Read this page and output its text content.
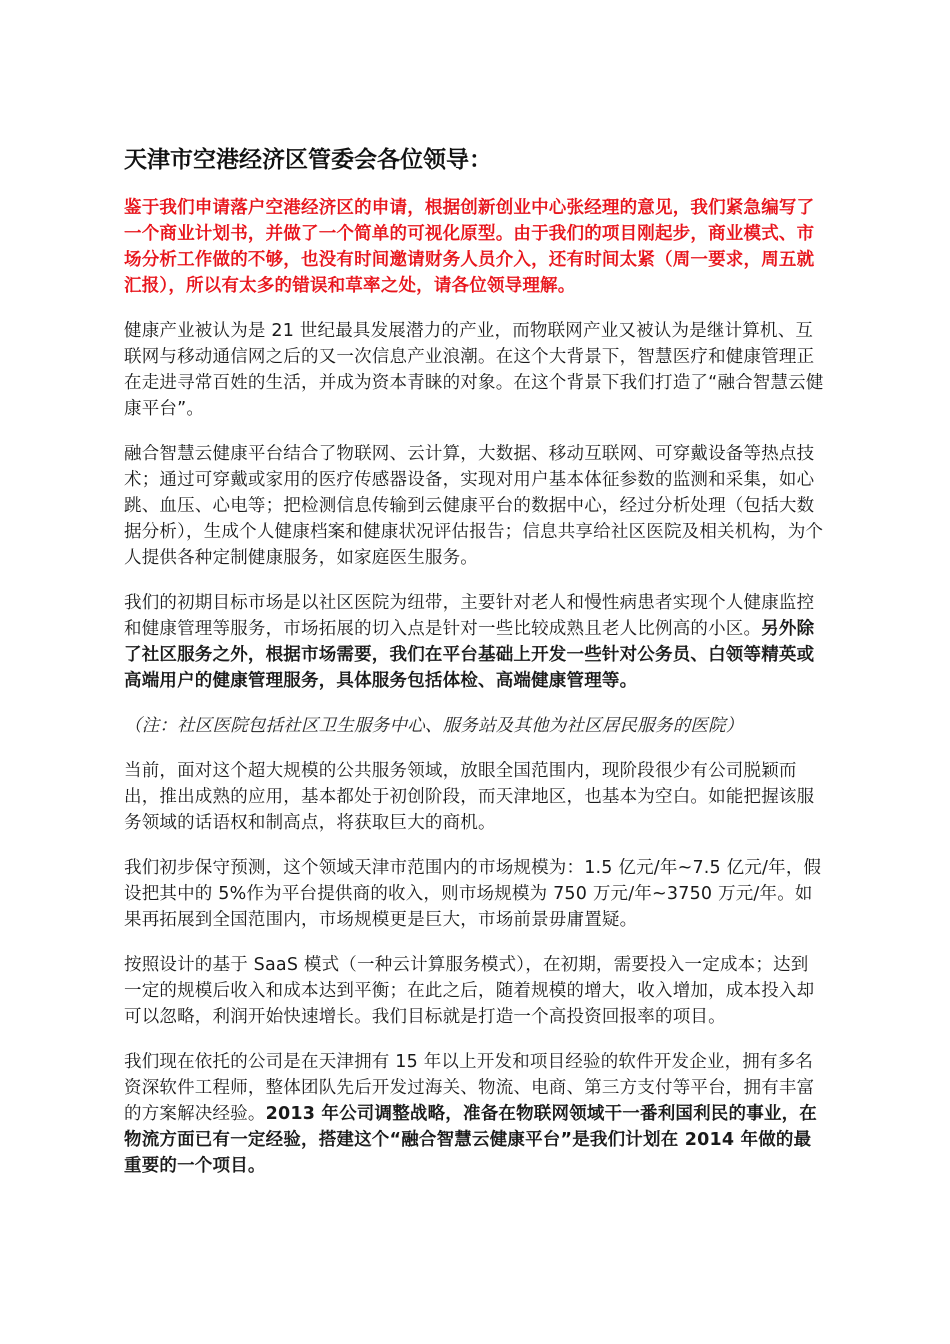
天津市空港经济区管委会各位领导：

鉴于我们申请落户空港经济区的申请，根据创新创业中心张经理的意见，我们紧急编写了一个商业计划书，并做了一个简单的可视化原型。由于我们的项目刚起步，商业模式、市场分析工作做的不够，也没有时间邀请财务人员介入，还有时间太紧（周一要求，周五就汇报），所以有太多的错误和草率之处，请各位领导理解。

健康产业被认为是 21 世纪最具发展潜力的产业，而物联网产业又被认为是继计算机、互联网与移动通信网之后的又一次信息产业浪潮。在这个大背景下，智慧医疗和健康管理正在走进寻常百姓的生活，并成为资本青睐的对象。在这个背景下我们打造了“融合智慧云健康平台”。

融合智慧云健康平台结合了物联网、云计算，大数据、移动互联网、可穿戴设备等热点技术；通过可穿戴或家用的医疗传感器设备，实现对用户基本体征参数的监测和采集，如心跳、血压、心电等；把检测信息传输到云健康平台的数据中心，经过分析处理（包括大数据分析），生成个人健康档案和健康状况评估报告；信息共享给社区医院及相关机构，为个人提供各种定制健康服务，如家庭医生服务。

我们的初期目标市场是以社区医院为纽带，主要针对老人和慢性病患者实现个人健康监控和健康管理等服务，市场拓展的切入点是针对一些比较成熟且老人比例高的小区。另外除了社区服务之外，根据市场需要，我们在平台基础上开发一些针对公务员、白领等精英或高端用户的健康管理服务，具体服务包括体检、高端健康管理等。

（注：社区医院包括社区卫生服务中心、服务站及其他为社区居民服务的医院）

当前，面对这个超大规模的公共服务领域，放眼全国范围内，现阶段很少有公司脱颖而出，推出成熟的应用，基本都处于初创阶段，而天津地区，也基本为空白。如能把握该服务领域的话语权和制高点，将获取巨大的商机。

我们初步保守预测，这个领域天津市范围内的市场规模为：1.5 亿元/年~7.5 亿元/年，假设把其中的 5%作为平台提供商的收入，则市场规模为 750 万元/年~3750 万元/年。如果再拓展到全国范围内，市场规模更是巨大，市场前景毋庸置疑。

按照设计的基于 SaaS 模式（一种云计算服务模式），在初期，需要投入一定成本；达到一定的规模后收入和成本达到平衡；在此之后，随着规模的增大，收入增加，成本投入却可以忽略，利润开始快速增长。我们目标就是打造一个高投资回报率的项目。

我们现在依托的公司是在天津拥有 15 年以上开发和项目经验的软件开发企业，拥有多名资深软件工程师，整体团队先后开发过海关、物流、电商、第三方支付等平台，拥有丰富的方案解决经验。2013 年公司调整战略，准备在物联网领域干一番利国利民的事业，在物流方面已有一定经验，搭建这个“融合智慧云健康平台”是我们计划在 2014 年做的最重要的一个项目。
